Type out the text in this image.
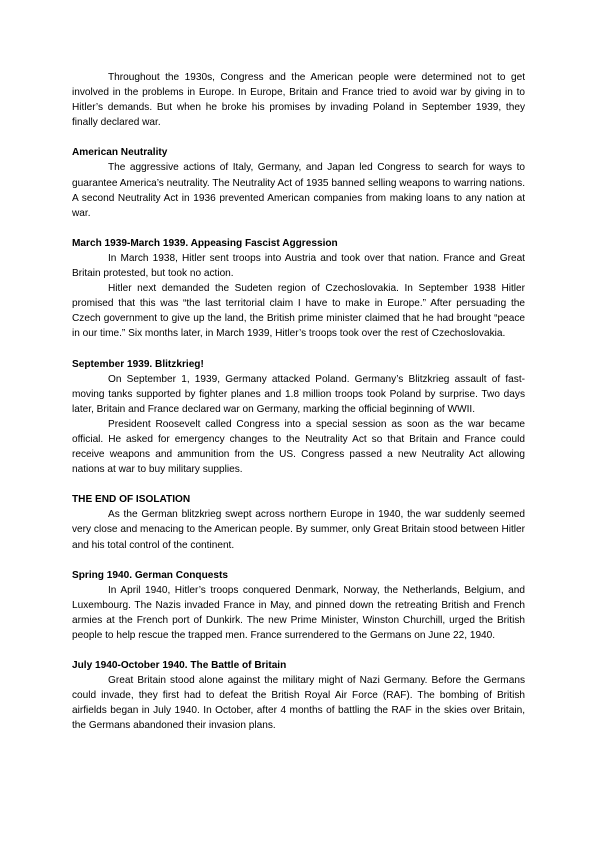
Throughout the 1930s, Congress and the American people were determined not to get involved in the problems in Europe. In Europe, Britain and France tried to avoid war by giving in to Hitler’s demands. But when he broke his promises by invading Poland in September 1939, they finally declared war.

American Neutrality

The aggressive actions of Italy, Germany, and Japan led Congress to search for ways to guarantee America’s neutrality. The Neutrality Act of 1935 banned selling weapons to warring nations. A second Neutrality Act in 1936 prevented American companies from making loans to any nation at war.

March 1939-March 1939. Appeasing Fascist Aggression

In March 1938, Hitler sent troops into Austria and took over that nation. France and Great Britain protested, but took no action.

Hitler next demanded the Sudeten region of Czechoslovakia. In September 1938 Hitler promised that this was “the last territorial claim I have to make in Europe.” After persuading the Czech government to give up the land, the British prime minister claimed that he had brought “peace in our time.” Six months later, in March 1939, Hitler’s troops took over the rest of Czechoslovakia.

September 1939. Blitzkrieg!

On September 1, 1939, Germany attacked Poland. Germany’s Blitzkrieg assault of fast-moving tanks supported by fighter planes and 1.8 million troops took Poland by surprise. Two days later, Britain and France declared war on Germany, marking the official beginning of WWII.

President Roosevelt called Congress into a special session as soon as the war became official. He asked for emergency changes to the Neutrality Act so that Britain and France could receive weapons and ammunition from the US. Congress passed a new Neutrality Act allowing nations at war to buy military supplies.

THE END OF ISOLATION

As the German blitzkrieg swept across northern Europe in 1940, the war suddenly seemed very close and menacing to the American people. By summer, only Great Britain stood between Hitler and his total control of the continent.

Spring 1940. German Conquests

In April 1940, Hitler’s troops conquered Denmark, Norway, the Netherlands, Belgium, and Luxembourg. The Nazis invaded France in May, and pinned down the retreating British and French armies at the French port of Dunkirk. The new Prime Minister, Winston Churchill, urged the British people to help rescue the trapped men. France surrendered to the Germans on June 22, 1940.

July 1940-October 1940. The Battle of Britain

Great Britain stood alone against the military might of Nazi Germany. Before the Germans could invade, they first had to defeat the British Royal Air Force (RAF). The bombing of British airfields began in July 1940. In October, after 4 months of battling the RAF in the skies over Britain, the Germans abandoned their invasion plans.
